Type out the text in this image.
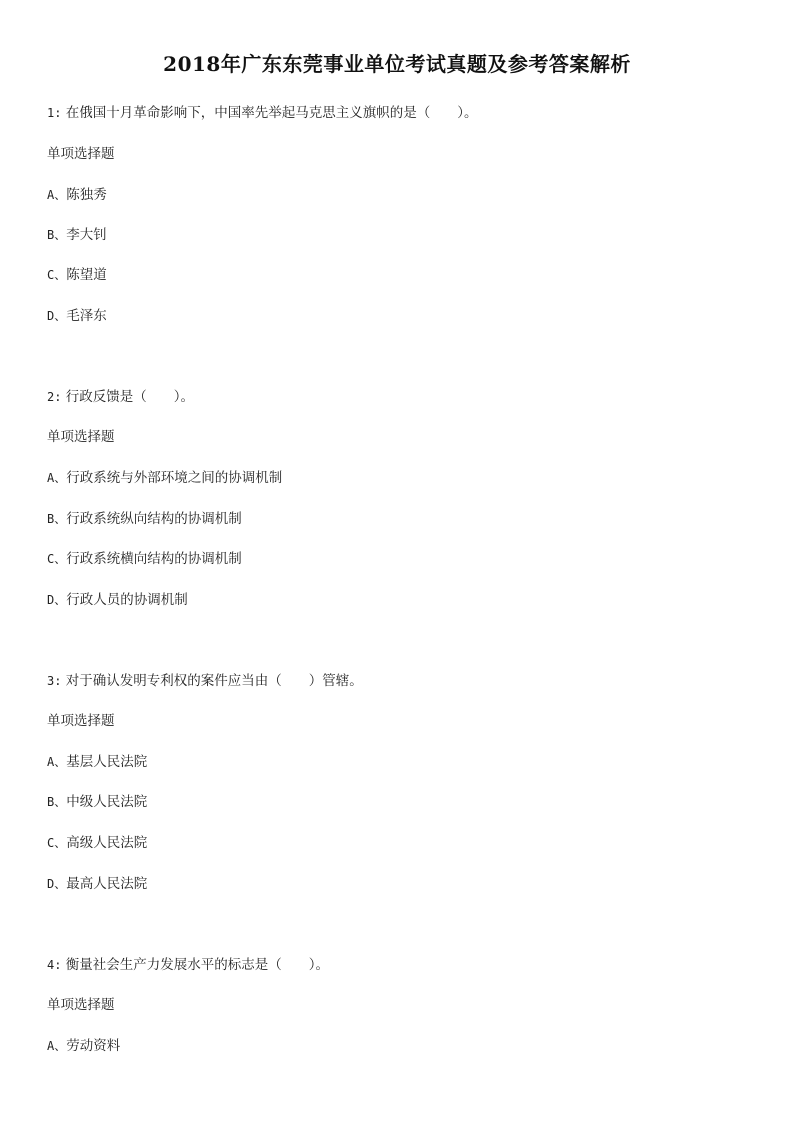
2018年广东东莞事业单位考试真题及参考答案解析
1: 在俄国十月革命影响下，中国率先举起马克思主义旗帜的是（　　）。
单项选择题
A、陈独秀
B、李大钊
C、陈望道
D、毛泽东
2: 行政反馈是（　　）。
单项选择题
A、行政系统与外部环境之间的协调机制
B、行政系统纵向结构的协调机制
C、行政系统横向结构的协调机制
D、行政人员的协调机制
3: 对于确认发明专利权的案件应当由（　　）管辖。
单项选择题
A、基层人民法院
B、中级人民法院
C、高级人民法院
D、最高人民法院
4: 衡量社会生产力发展水平的标志是（　　）。
单项选择题
A、劳动资料
